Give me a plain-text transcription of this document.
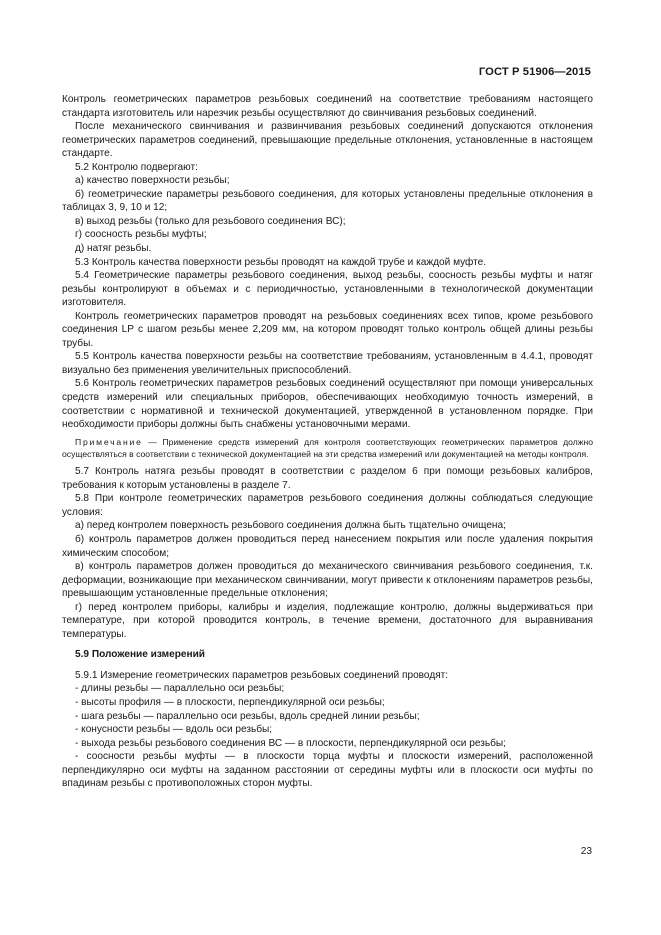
ГОСТ Р 51906—2015

Контроль геометрических параметров резьбовых соединений на соответствие требованиям настоящего стандарта изготовитель или нарезчик резьбы осуществляют до свинчивания резьбовых соединений.

После механического свинчивания и развинчивания резьбовых соединений допускаются отклонения геометрических параметров соединений, превышающие предельные отклонения, установленные в настоящем стандарте.

5.2 Контролю подвергают:

а) качество поверхности резьбы;

б) геометрические параметры резьбового соединения, для которых установлены предельные отклонения в таблицах 3, 9, 10 и 12;

в) выход резьбы (только для резьбового соединения ВС);

г) соосность резьбы муфты;

д) натяг резьбы.

5.3 Контроль качества поверхности резьбы проводят на каждой трубе и каждой муфте.

5.4 Геометрические параметры резьбового соединения, выход резьбы, соосность резьбы муфты и натяг резьбы контролируют в объемах и с периодичностью, установленными в технологической документации изготовителя.

Контроль геометрических параметров проводят на резьбовых соединениях всех типов, кроме резьбового соединения LP с шагом резьбы менее 2,209 мм, на котором проводят только контроль общей длины резьбы трубы.

5.5 Контроль качества поверхности резьбы на соответствие требованиям, установленным в 4.4.1, проводят визуально без применения увеличительных приспособлений.

5.6 Контроль геометрических параметров резьбовых соединений осуществляют при помощи универсальных средств измерений или специальных приборов, обеспечивающих необходимую точность измерений, в соответствии с нормативной и технической документацией, утвержденной в установленном порядке. При необходимости приборы должны быть снабжены установочными мерами.

Примечание — Применение средств измерений для контроля соответствующих геометрических параметров должно осуществляться в соответствии с технической документацией на эти средства измерений или документацией на методы контроля.

5.7 Контроль натяга резьбы проводят в соответствии с разделом 6 при помощи резьбовых калибров, требования к которым установлены в разделе 7.

5.8 При контроле геометрических параметров резьбового соединения должны соблюдаться следующие условия:

а) перед контролем поверхность резьбового соединения должна быть тщательно очищена;

б) контроль параметров должен проводиться перед нанесением покрытия или после удаления покрытия химическим способом;

в) контроль параметров должен проводиться до механического свинчивания резьбового соединения, т.к. деформации, возникающие при механическом свинчивании, могут привести к отклонениям параметров резьбы, превышающим установленные предельные отклонения;

г) перед контролем приборы, калибры и изделия, подлежащие контролю, должны выдерживаться при температуре, при которой проводится контроль, в течение времени, достаточного для выравнивания температуры.

5.9 Положение измерений

5.9.1 Измерение геометрических параметров резьбовых соединений проводят:

- длины резьбы — параллельно оси резьбы;

- высоты профиля — в плоскости, перпендикулярной оси резьбы;

- шага резьбы — параллельно оси резьбы, вдоль средней линии резьбы;

- конусности резьбы — вдоль оси резьбы;

- выхода резьбы резьбового соединения ВС — в плоскости, перпендикулярной оси резьбы;

- соосности резьбы муфты — в плоскости торца муфты и плоскости измерений, расположенной перпендикулярно оси муфты на заданном расстоянии от середины муфты или в плоскости оси муфты по впадинам резьбы с противоположных сторон муфты.

23
